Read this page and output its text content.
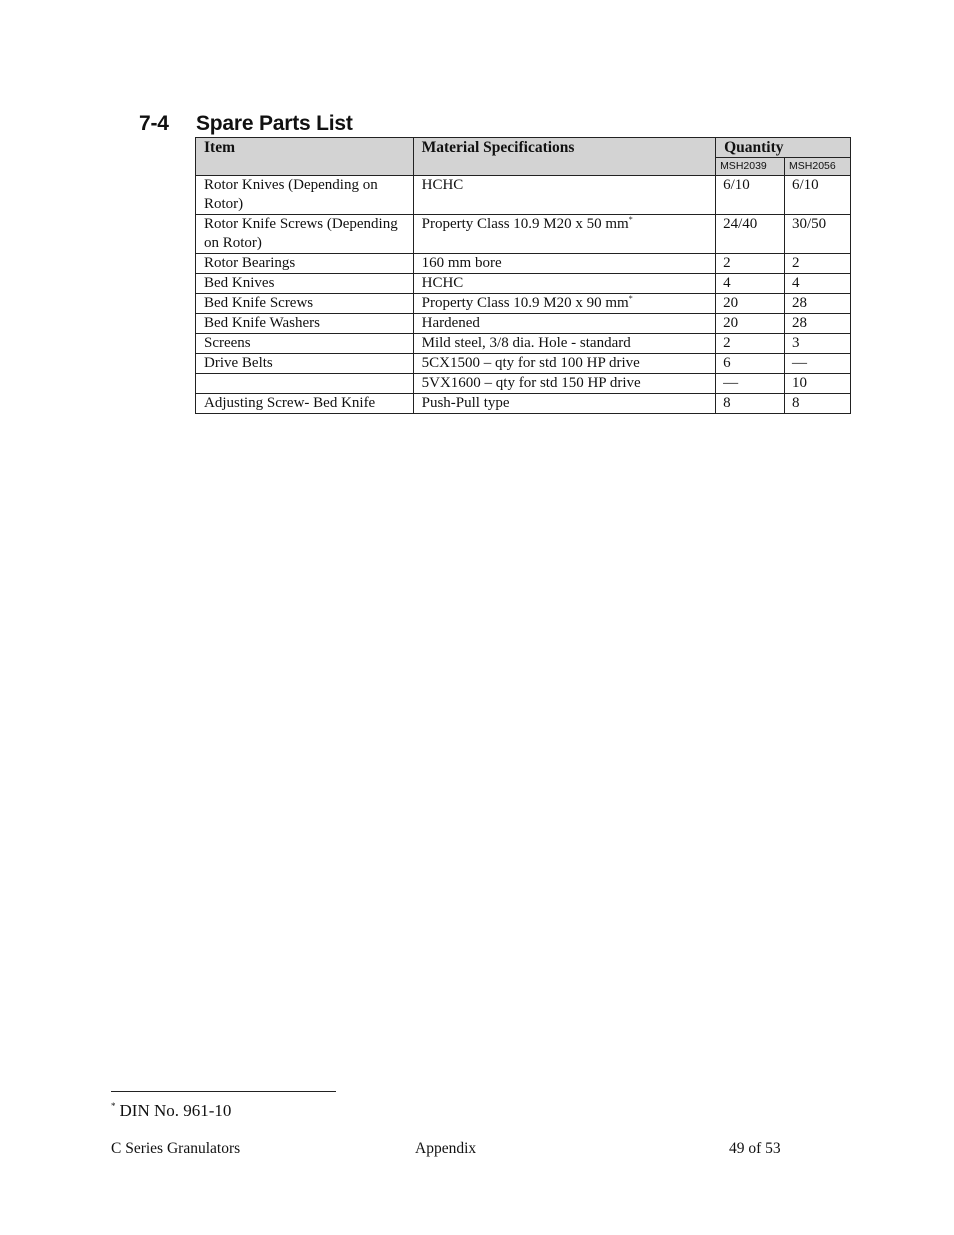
7-4 Spare Parts List
Item	Material Specifications	Quantity	
		MSH2039	MSH2056
Rotor Knives (Depending on Rotor)	HCHC	6/10	6/10
Rotor Knife Screws (Depending on Rotor)	Property Class 10.9 M20 x 50 mm*	24/40	30/50
Rotor Bearings	160 mm bore	2	2
Bed Knives	HCHC	4	4
Bed Knife Screws	Property Class 10.9 M20 x 90 mm*	20	28
Bed Knife Washers	Hardened	20	28
Screens	Mild steel, 3/8 dia. Hole - standard	2	3
Drive Belts	5CX1500 – qty for std 100 HP drive	6	—
	5VX1600 – qty for std 150 HP drive	—	10
Adjusting Screw- Bed Knife	Push-Pull type	8	8
* DIN No. 961-10
C Series Granulators	Appendix	49 of 53
